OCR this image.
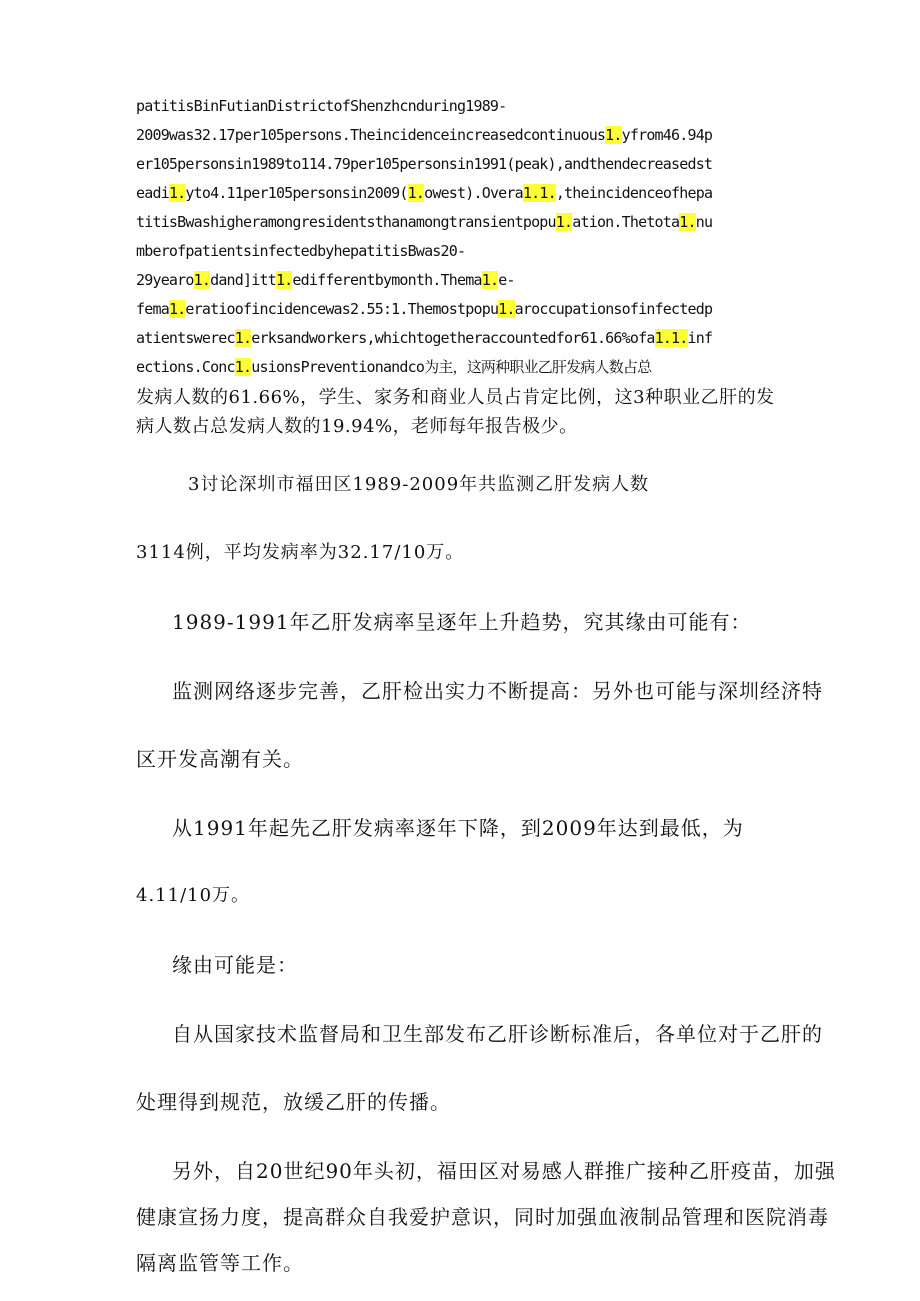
patitisBinFutianDistrictofShenzhcnduring1989-
2009was32.17per105persons.Theincidenceincreasedcontinuous1.yfrom46.94p
er105personsin1989to114.79per105personsin1991(peak),andthendecreasedst
eadi1.yto4.11per105personsin2009(1.owest).Overa1.1.,theincidenceofhepa
titisBwashigheramongresidentsthanamongtransientpopu1.ation.Thetota1.nu
mberofpatientsinfectedbyhepatitisBwas20-
29yearo1.dand]itt1.edifferentbymonth.Thema1.e-
fema1.eratioofincidencewas2.55:1.Themostpopu1.aroccupationsofinfectedp
atientswerec1.erksandworkers,whichtogetheraccountedfor61.66%ofa1.1.inf
ections.Conc1.usionsPreventionandco为主，这两种职业乙肝发病人数占总
发病人数的61.66%，学生、家务和商业人员占肯定比例，这3种职业乙肝的发
病人数占总发病人数的19.94%，老师每年报告极少。
3讨论深圳市福田区1989-2009年共监测乙肝发病人数
3114例，平均发病率为32.17/10万。
1989-1991年乙肝发病率呈逐年上升趋势，究其缘由可能有：
监测网络逐步完善，乙肝检出实力不断提高：另外也可能与深圳经济特
区开发高潮有关。
从1991年起先乙肝发病率逐年下降，到2009年达到最低，为
4.11/10万。
缘由可能是：
自从国家技术监督局和卫生部发布乙肝诊断标准后，各单位对于乙肝的
处理得到规范，放缓乙肝的传播。
另外，自20世纪90年头初，福田区对易感人群推广接种乙肝疫苗，加强
健康宣扬力度，提高群众自我爱护意识，同时加强血液制品管理和医院消毒
隔离监管等工作。
